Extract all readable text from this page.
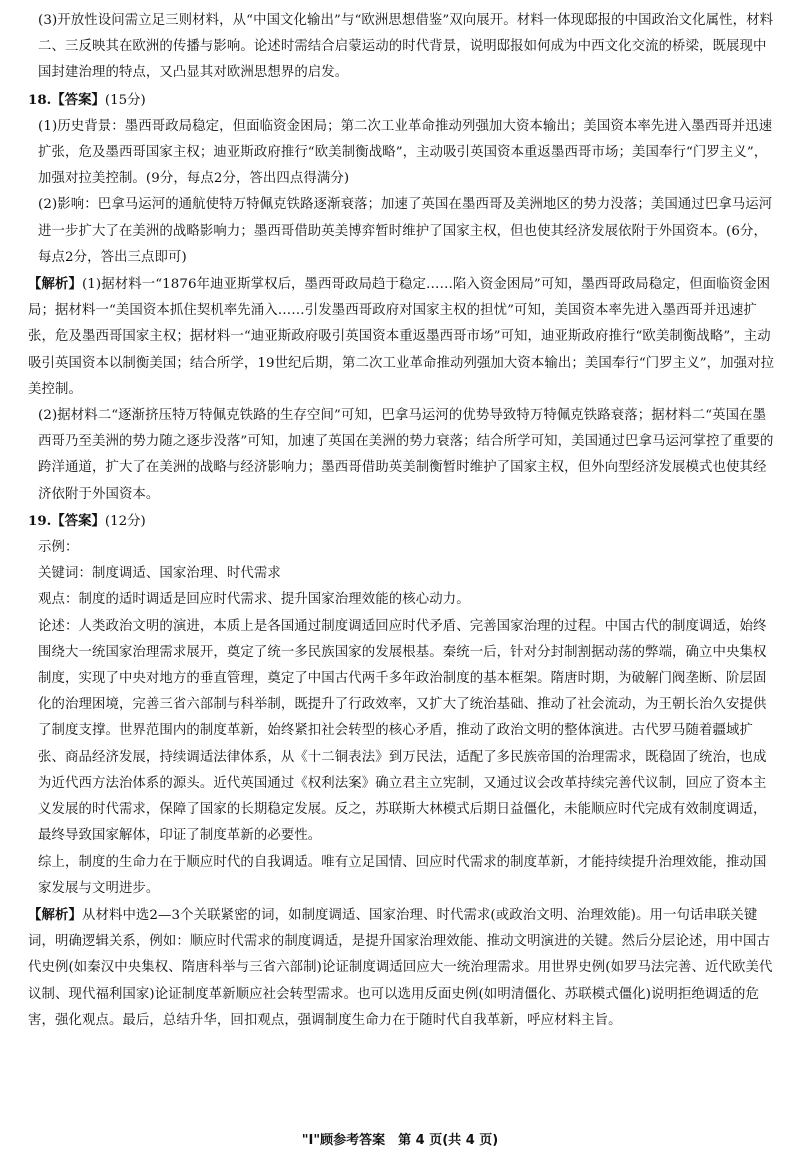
(3)开放性设问需立足三则材料，从“中国文化输出”与“欧洲思想借鉴”双向展开。材料一体现邸报的中国政治文化属性，材料二、三反映其在欧洲的传播与影响。论述时需结合启蒙运动的时代背景，说明邸报如何成为中西文化交流的桥梁，既展现中国封建治理的特点，又凸显其对欧洲思想界的启发。

18.【答案】(15分)

(1)历史背景：墨西哥政局稳定，但面临资金困局；第二次工业革命推动列强加大资本输出；美国资本率先进入墨西哥并迅速扩张，危及墨西哥国家主权；迪亚斯政府推行“欧美制衡战略”，主动吸引英国资本重返墨西哥市场；美国奉行“门罗主义”，加强对拉美控制。(9分，每点2分，答出四点得满分)

(2)影响：巴拿马运河的通航使特万特佩克铁路逐渐衰落；加速了英国在墨西哥及美洲地区的势力没落；美国通过巴拿马运河进一步扩大了在美洲的战略影响力；墨西哥借助英美博弈暂时维护了国家主权，但也使其经济发展依附于外国资本。(6分，每点2分，答出三点即可)

【解析】(1)据材料一“1876年迪亚斯掌权后，墨西哥政局趋于稳定……陷入资金困局”可知，墨西哥政局稳定，但面临资金困局；据材料一“美国资本抓住契机率先涌入……引发墨西哥政府对国家主权的担忧”可知，美国资本率先进入墨西哥并迅速扩张，危及墨西哥国家主权；据材料一“迪亚斯政府吸引英国资本重返墨西哥市场”可知，迪亚斯政府推行“欧美制衡战略”，主动吸引英国资本以制衡美国；结合所学，19世纪后期，第二次工业革命推动列强加大资本输出；美国奉行“门罗主义”，加强对拉美控制。

(2)据材料二“逐渐挤压特万特佩克铁路的生存空间”可知，巴拿马运河的优势导致特万特佩克铁路衰落；据材料二“英国在墨西哥乃至美洲的势力随之逐步没落”可知，加速了英国在美洲的势力衰落；结合所学可知，美国通过巴拿马运河掌控了重要的跨洋通道，扩大了在美洲的战略与经济影响力；墨西哥借助英美制衡暂时维护了国家主权，但外向型经济发展模式也使其经济依附于外国资本。

19.【答案】(12分)

示例：

关键词：制度调适、国家治理、时代需求

观点：制度的适时调适是回应时代需求、提升国家治理效能的核心动力。

论述：人类政治文明的演进，本质上是各国通过制度调适回应时代矛盾、完善国家治理的过程。中国古代的制度调适，始终围绕大一统国家治理需求展开，奠定了统一多民族国家的发展根基。秦统一后，针对分封制割据动荡的弊端，确立中央集权制度，实现了中央对地方的垂直管理，奠定了中国古代两千多年政治制度的基本框架。隋唐时期，为破解门阀垄断、阶层固化的治理困境，完善三省六部制与科举制，既提升了行政效率，又扩大了统治基础、推动了社会流动，为王朝长治久安提供了制度支撑。世界范围内的制度革新，始终紧扣社会转型的核心矛盾，推动了政治文明的整体演进。古代罗马随着疆域扩张、商品经济发展，持续调适法律体系，从《十二铜表法》到万民法，适配了多民族帝国的治理需求，既稳固了统治，也成为近代西方法治体系的源头。近代英国通过《权利法案》确立君主立宪制，又通过议会改革持续完善代议制，回应了资本主义发展的时代需求，保障了国家的长期稳定发展。反之，苏联斯大林模式后期日益僵化，未能顺应时代完成有效制度调适，最终导致国家解体，印证了制度革新的必要性。

综上，制度的生命力在于顺应时代的自我调适。唯有立足国情、回应时代需求的制度革新，才能持续提升治理效能，推动国家发展与文明进步。

【解析】从材料中选2—3个关联紧密的词，如制度调适、国家治理、时代需求(或政治文明、治理效能)。用一句话串联关键词，明确逻辑关系，例如：顺应时代需求的制度调适，是提升国家治理效能、推动文明演进的关键。然后分层论述，用中国古代史例(如秦汉中央集权、隋唐科举与三省六部制)论证制度调适回应大一统治理需求。用世界史例(如罗马法完善、近代欧美代议制、现代福利国家)论证制度革新顺应社会转型需求。也可以选用反面史例(如明清僵化、苏联模式僵化)说明拒绝调适的危害，强化观点。最后，总结升华，回扣观点，强调制度生命力在于随时代自我革新，呼应材料主旨。

"I"顾参考答案　第 4 页(共 4 页)
